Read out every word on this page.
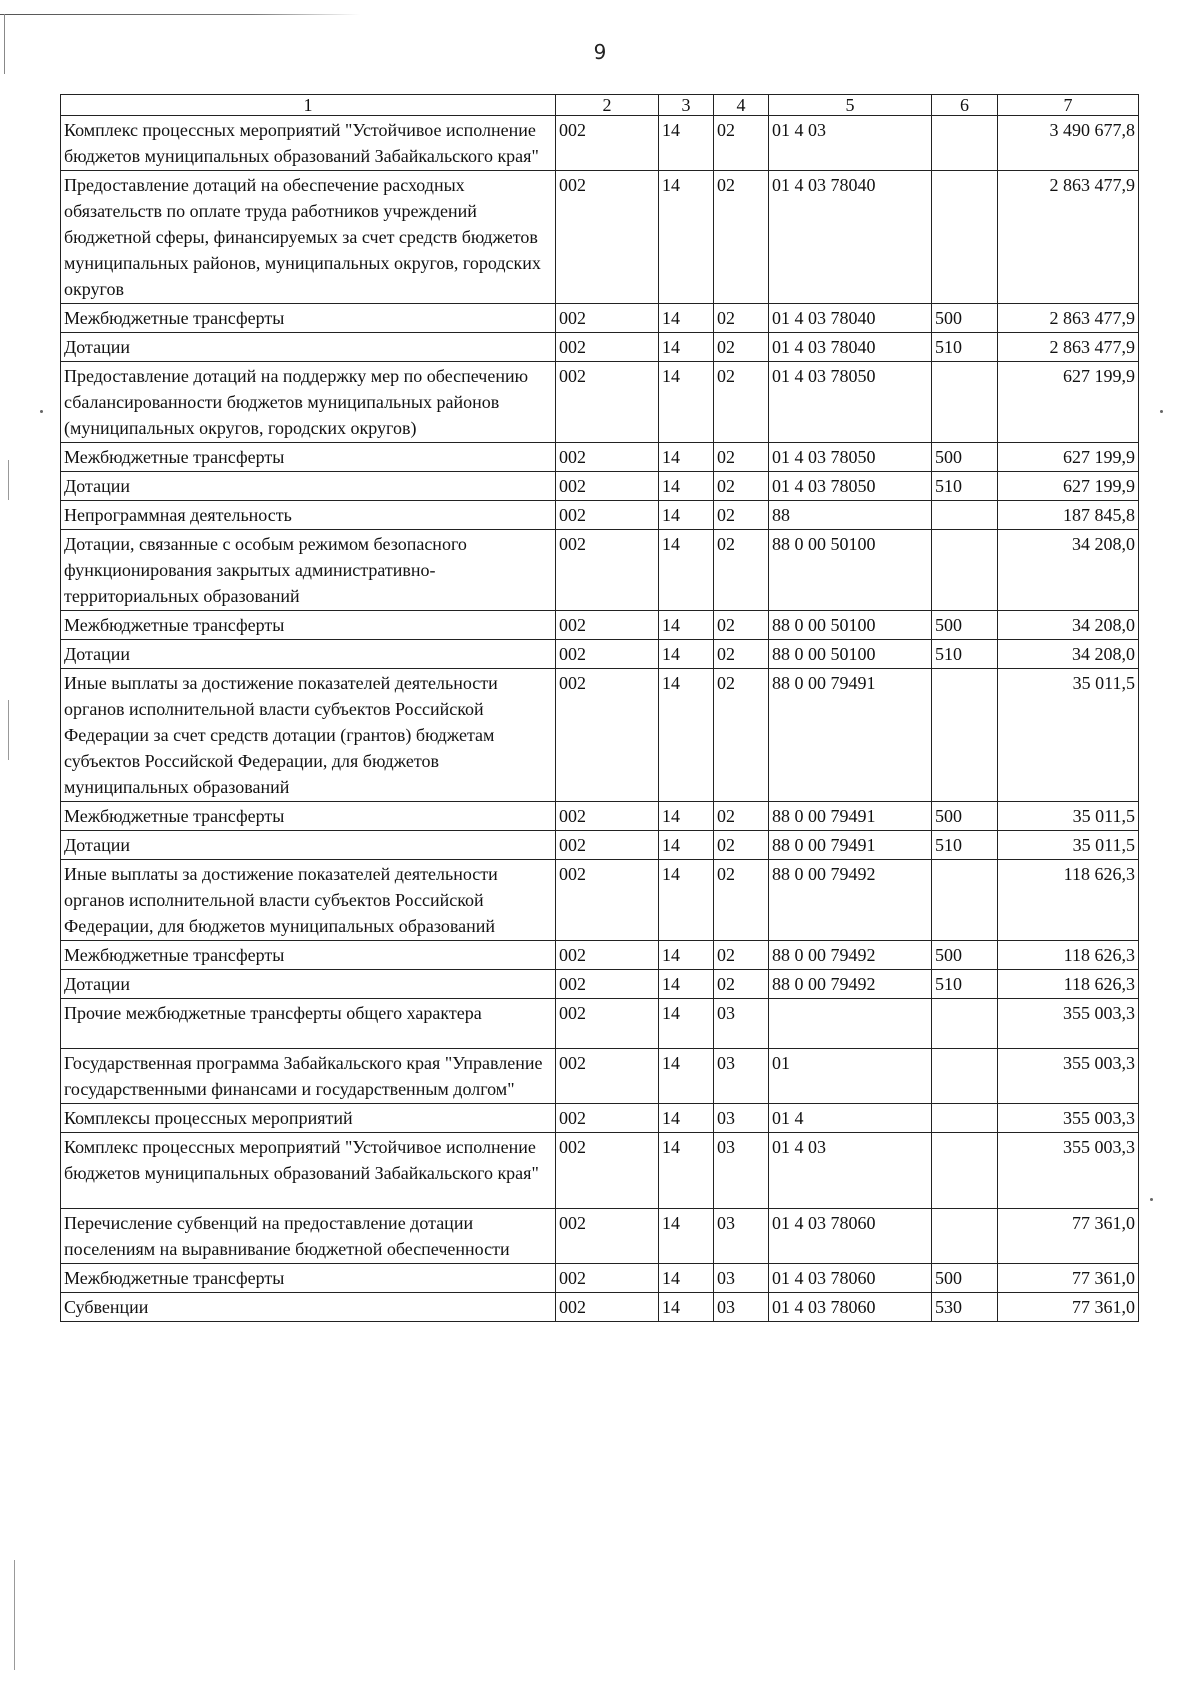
9
1	2	3	4	5	6	7
Комплекс процессных мероприятий "Устойчивое исполнение бюджетов муниципальных образований Забайкальского края"	002	14	02	01 4 03		3 490 677,8
Предоставление дотаций на обеспечение расходных обязательств по оплате труда работников учреждений бюджетной сферы, финансируемых за счет средств бюджетов муниципальных районов, муниципальных округов, городских округов	002	14	02	01 4 03 78040		2 863 477,9
Межбюджетные трансферты	002	14	02	01 4 03 78040	500	2 863 477,9
Дотации	002	14	02	01 4 03 78040	510	2 863 477,9
Предоставление дотаций на поддержку мер по обеспечению сбалансированности бюджетов муниципальных районов (муниципальных округов, городских округов)	002	14	02	01 4 03 78050		627 199,9
Межбюджетные трансферты	002	14	02	01 4 03 78050	500	627 199,9
Дотации	002	14	02	01 4 03 78050	510	627 199,9
Непрограммная деятельность	002	14	02	88		187 845,8
Дотации, связанные с особым режимом безопасного функционирования закрытых административно-территориальных образований	002	14	02	88 0 00 50100		34 208,0
Межбюджетные трансферты	002	14	02	88 0 00 50100	500	34 208,0
Дотации	002	14	02	88 0 00 50100	510	34 208,0
Иные выплаты за достижение показателей деятельности органов исполнительной власти субъектов Российской Федерации за счет средств дотации (грантов) бюджетам субъектов Российской Федерации, для бюджетов муниципальных образований	002	14	02	88 0 00 79491		35 011,5
Межбюджетные трансферты	002	14	02	88 0 00 79491	500	35 011,5
Дотации	002	14	02	88 0 00 79491	510	35 011,5
Иные выплаты за достижение показателей деятельности органов исполнительной власти субъектов Российской Федерации, для бюджетов муниципальных образований	002	14	02	88 0 00 79492		118 626,3
Межбюджетные трансферты	002	14	02	88 0 00 79492	500	118 626,3
Дотации	002	14	02	88 0 00 79492	510	118 626,3
Прочие межбюджетные трансферты общего характера	002	14	03			355 003,3
Государственная программа Забайкальского края "Управление государственными финансами и государственным долгом"	002	14	03	01		355 003,3
Комплексы процессных мероприятий	002	14	03	01 4		355 003,3
Комплекс процессных мероприятий "Устойчивое исполнение бюджетов муниципальных образований Забайкальского края"	002	14	03	01 4 03		355 003,3
Перечисление субвенций на предоставление дотации поселениям на выравнивание бюджетной обеспеченности	002	14	03	01 4 03 78060		77 361,0
Межбюджетные трансферты	002	14	03	01 4 03 78060	500	77 361,0
Субвенции	002	14	03	01 4 03 78060	530	77 361,0
